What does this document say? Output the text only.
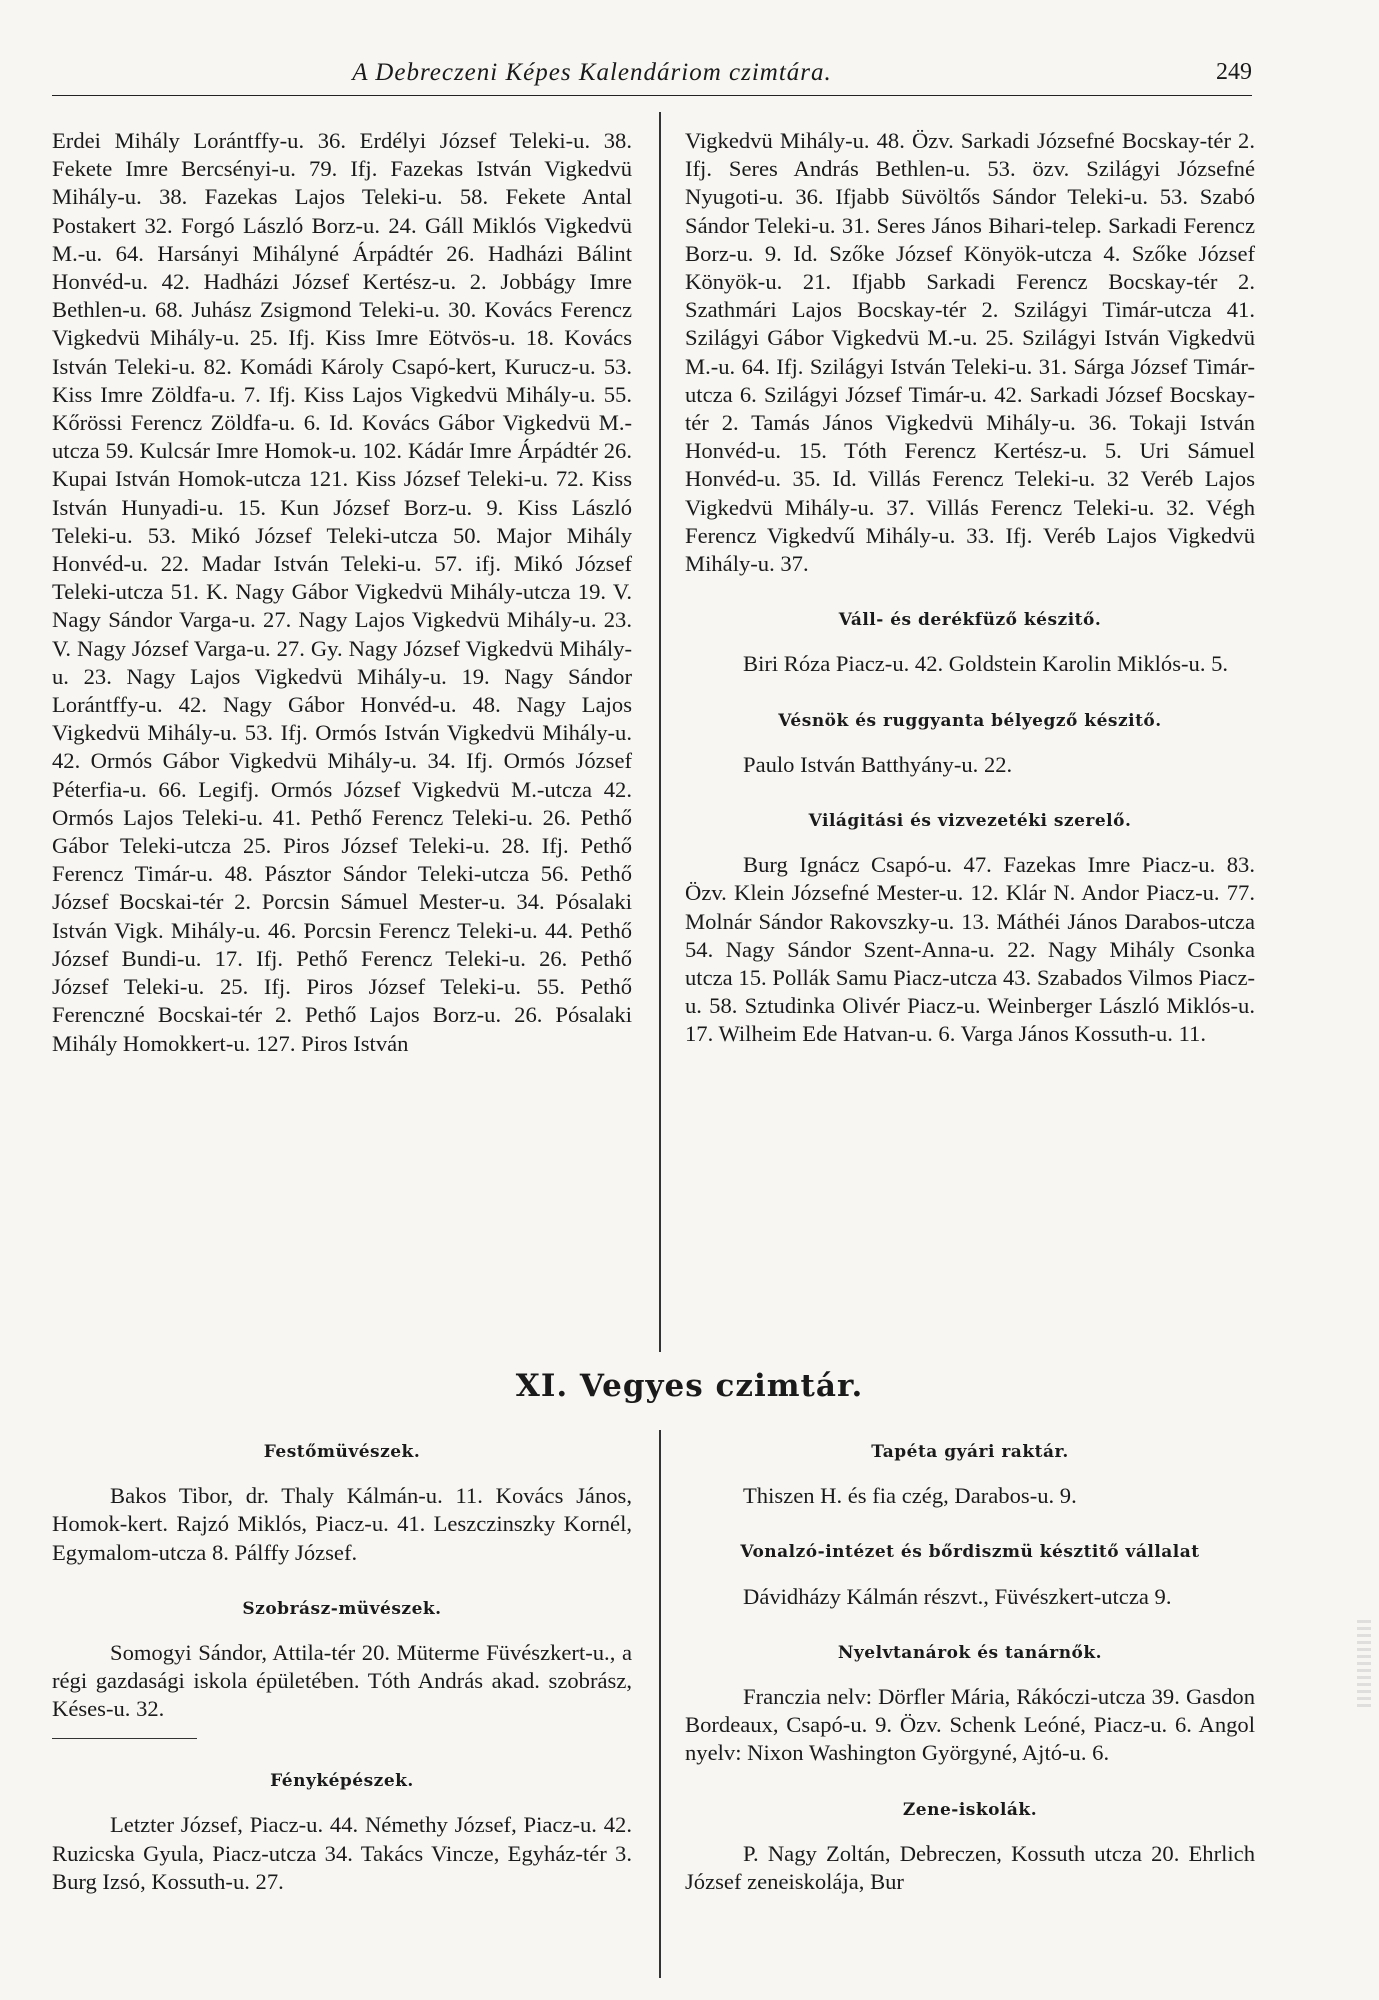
A Debreczeni Képes Kalendáriom czimtára.	249

Erdei Mihály Lorántffy-u. 36. Erdélyi József Teleki-u. 38. Fekete Imre Bercsényi-u. 79. Ifj. Fazekas István Vigkedvü Mihály-u. 38. Fazekas Lajos Teleki-u. 58. Fekete Antal Postakert 32. Forgó László Borz-u. 24. Gáll Miklós Vigkedvü M.-u. 64. Harsányi Mihályné Árpádtér 26. Hadházi Bálint Honvéd-u. 42. Hadházi József Kertész-u. 2. Jobbágy Imre Bethlen-u. 68. Juhász Zsigmond Teleki-u. 30. Kovács Ferencz Vigkedvü Mihály-u. 25. Ifj. Kiss Imre Eötvös-u. 18. Kovács István Teleki-u. 82. Komádi Károly Csapó-kert, Kurucz-u. 53. Kiss Imre Zöldfa-u. 7. Ifj. Kiss Lajos Vigkedvü Mihály-u. 55. Kőrössi Ferencz Zöldfa-u. 6. Id. Kovács Gábor Vigkedvü M.-utcza 59. Kulcsár Imre Homok-u. 102. Kádár Imre Árpádtér 26. Kupai István Homok-utcza 121. Kiss József Teleki-u. 72. Kiss István Hunyadi-u. 15. Kun József Borz-u. 9. Kiss László Teleki-u. 53. Mikó József Teleki-utcza 50. Major Mihály Honvéd-u. 22. Madar István Teleki-u. 57. ifj. Mikó József Teleki-utcza 51. K. Nagy Gábor Vigkedvü Mihály-utcza 19. V. Nagy Sándor Varga-u. 27. Nagy Lajos Vigkedvü Mihály-u. 23. V. Nagy József Varga-u. 27. Gy. Nagy József Vigkedvü Mihály-u. 23. Nagy Lajos Vigkedvü Mihály-u. 19. Nagy Sándor Lorántffy-u. 42. Nagy Gábor Honvéd-u. 48. Nagy Lajos Vigkedvü Mihály-u. 53. Ifj. Ormós István Vigkedvü Mihály-u. 42. Ormós Gábor Vigkedvü Mihály-u. 34. Ifj. Ormós József Péterfia-u. 66. Legifj. Ormós József Vigkedvü M.-utcza 42. Ormós Lajos Teleki-u. 41. Pethő Ferencz Teleki-u. 26. Pethő Gábor Teleki-utcza 25. Piros József Teleki-u. 28. Ifj. Pethő Ferencz Timár-u. 48. Pásztor Sándor Teleki-utcza 56. Pethő József Bocskai-tér 2. Porcsin Sámuel Mester-u. 34. Pósalaki István Vigk. Mihály-u. 46. Porcsin Ferencz Teleki-u. 44. Pethő József Bundi-u. 17. Ifj. Pethő Ferencz Teleki-u. 26. Pethő József Teleki-u. 25. Ifj. Piros József Teleki-u. 55. Pethő Ferenczné Bocskai-tér 2. Pethő Lajos Borz-u. 26. Pósalaki Mihály Homokkert-u. 127. Piros István

Vigkedvü Mihály-u. 48. Özv. Sarkadi Józsefné Bocskay-tér 2. Ifj. Seres András Bethlen-u. 53. özv. Szilágyi Józsefné Nyugoti-u. 36. Ifjabb Süvöltős Sándor Teleki-u. 53. Szabó Sándor Teleki-u. 31. Seres János Bihari-telep. Sarkadi Ferencz Borz-u. 9. Id. Szőke József Könyök-utcza 4. Szőke József Könyök-u. 21. Ifjabb Sarkadi Ferencz Bocskay-tér 2. Szathmári Lajos Bocskay-tér 2. Szilágyi Timár-utcza 41. Szilágyi Gábor Vigkedvü M.-u. 25. Szilágyi István Vigkedvü M.-u. 64. Ifj. Szilágyi István Teleki-u. 31. Sárga József Timár-utcza 6. Szilágyi József Timár-u. 42. Sarkadi József Bocskay-tér 2. Tamás János Vigkedvü Mihály-u. 36. Tokaji István Honvéd-u. 15. Tóth Ferencz Kertész-u. 5. Uri Sámuel Honvéd-u. 35. Id. Villás Ferencz Teleki-u. 32 Veréb Lajos Vigkedvü Mihály-u. 37. Villás Ferencz Teleki-u. 32. Végh Ferencz Vigkedvű Mihály-u. 33. Ifj. Veréb Lajos Vigkedvü Mihály-u. 37.

Váll- és derékfüző készitő.

Biri Róza Piacz-u. 42. Goldstein Karolin Miklós-u. 5.

Vésnök és ruggyanta bélyegző készitő.

Paulo István Batthyány-u. 22.

Világitási és vizvezetéki szerelő.

Burg Ignácz Csapó-u. 47. Fazekas Imre Piacz-u. 83. Özv. Klein Józsefné Mester-u. 12. Klár N. Andor Piacz-u. 77. Molnár Sándor Rakovszky-u. 13. Máthéi János Darabos-utcza 54. Nagy Sándor Szent-Anna-u. 22. Nagy Mihály Csonka utcza 15. Pollák Samu Piacz-utcza 43. Szabados Vilmos Piacz-u. 58. Sztudinka Olivér Piacz-u. Weinberger László Miklós-u. 17. Wilheim Ede Hatvan-u. 6. Varga János Kossuth-u. 11.

XI. Vegyes czimtár.
Festőmüvészek.

Bakos Tibor, dr. Thaly Kálmán-u. 11. Kovács János, Homok-kert. Rajzó Miklós, Piacz-u. 41. Leszczinszky Kornél, Egymalom-utcza 8. Pálffy József.

Szobrász-müvészek.

Somogyi Sándor, Attila-tér 20. Müterme Füvészkert-u., a régi gazdasági iskola épületében. Tóth András akad. szobrász, Késes-u. 32.

Fényképészek.

Letzter József, Piacz-u. 44. Némethy József, Piacz-u. 42. Ruzicska Gyula, Piacz-utcza 34. Takács Vincze, Egyház-tér 3. Burg Izsó, Kossuth-u. 27.

Tapéta gyári raktár.

Thiszen H. és fia czég, Darabos-u. 9.

Vonalzó-intézet és bőrdiszmü késztitő vállalat

Dávidházy Kálmán részvt., Füvészkert-utcza 9.

Nyelvtanárok és tanárnők.

Franczia nelv: Dörfler Mária, Rákóczi-utcza 39. Gasdon Bordeaux, Csapó-u. 9. Özv. Schenk Leóné, Piacz-u. 6. Angol nyelv: Nixon Washington Györgyné, Ajtó-u. 6.

Zene-iskolák.

P. Nagy Zoltán, Debreczen, Kossuth utcza 20. Ehrlich József zeneiskolája, Bur
